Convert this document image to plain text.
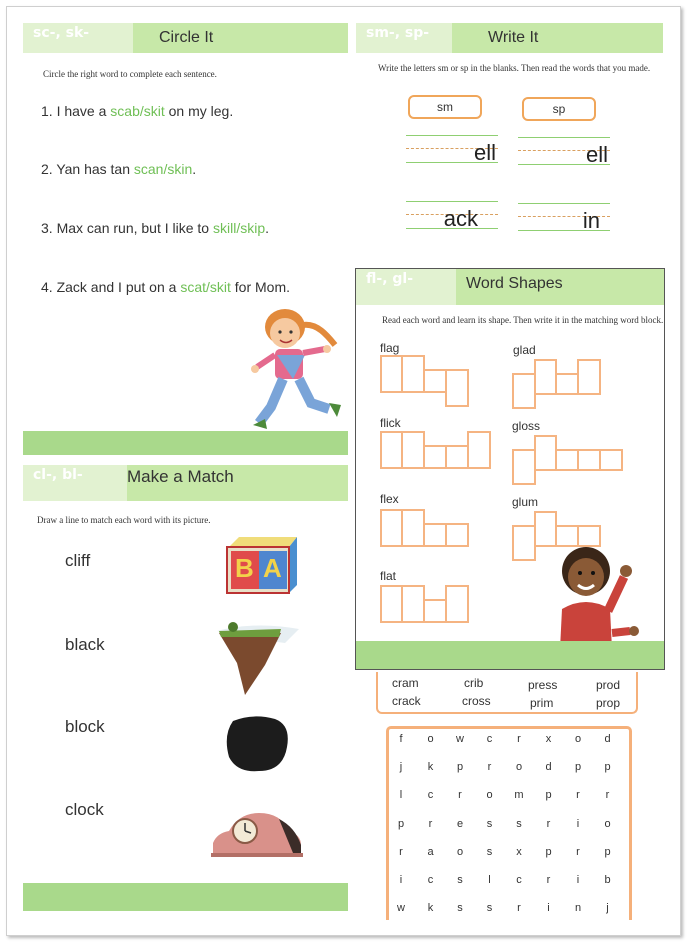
sc-, sk-	Circle It
Circle the right word to complete each sentence.
1. I have a scab/skit on my leg.
2. Yan has tan scan/skin.
3. Max can run, but I like to skill/skip.
4. Zack and I put on a scat/skit for Mom.
sm-, sp-	Write It
Write the letters sm or sp in the blanks. Then read the words that you made.
sm	sp
ell	ell
ack	in
fl-, gl-	Word Shapes
Read each word and learn its shape. Then write it in the matching word block.
flag	glad
flick	gloss
flex	glum
flat
cl-, bl-	Make a Match
Draw a line to match each word with its picture.
cliff
black
block
clock
B A
cram	crib	press	prod
crack	cross	prim	prop
f	o	w	c	r	x	o	d
j	k	p	r	o	d	p	p
l	c	r	o	m	p	r	r
p	r	e	s	s	r	i	o
r	a	o	s	x	p	r	p
i	c	s	l	c	r	i	b
w	k	s	s	r	i	n	j
